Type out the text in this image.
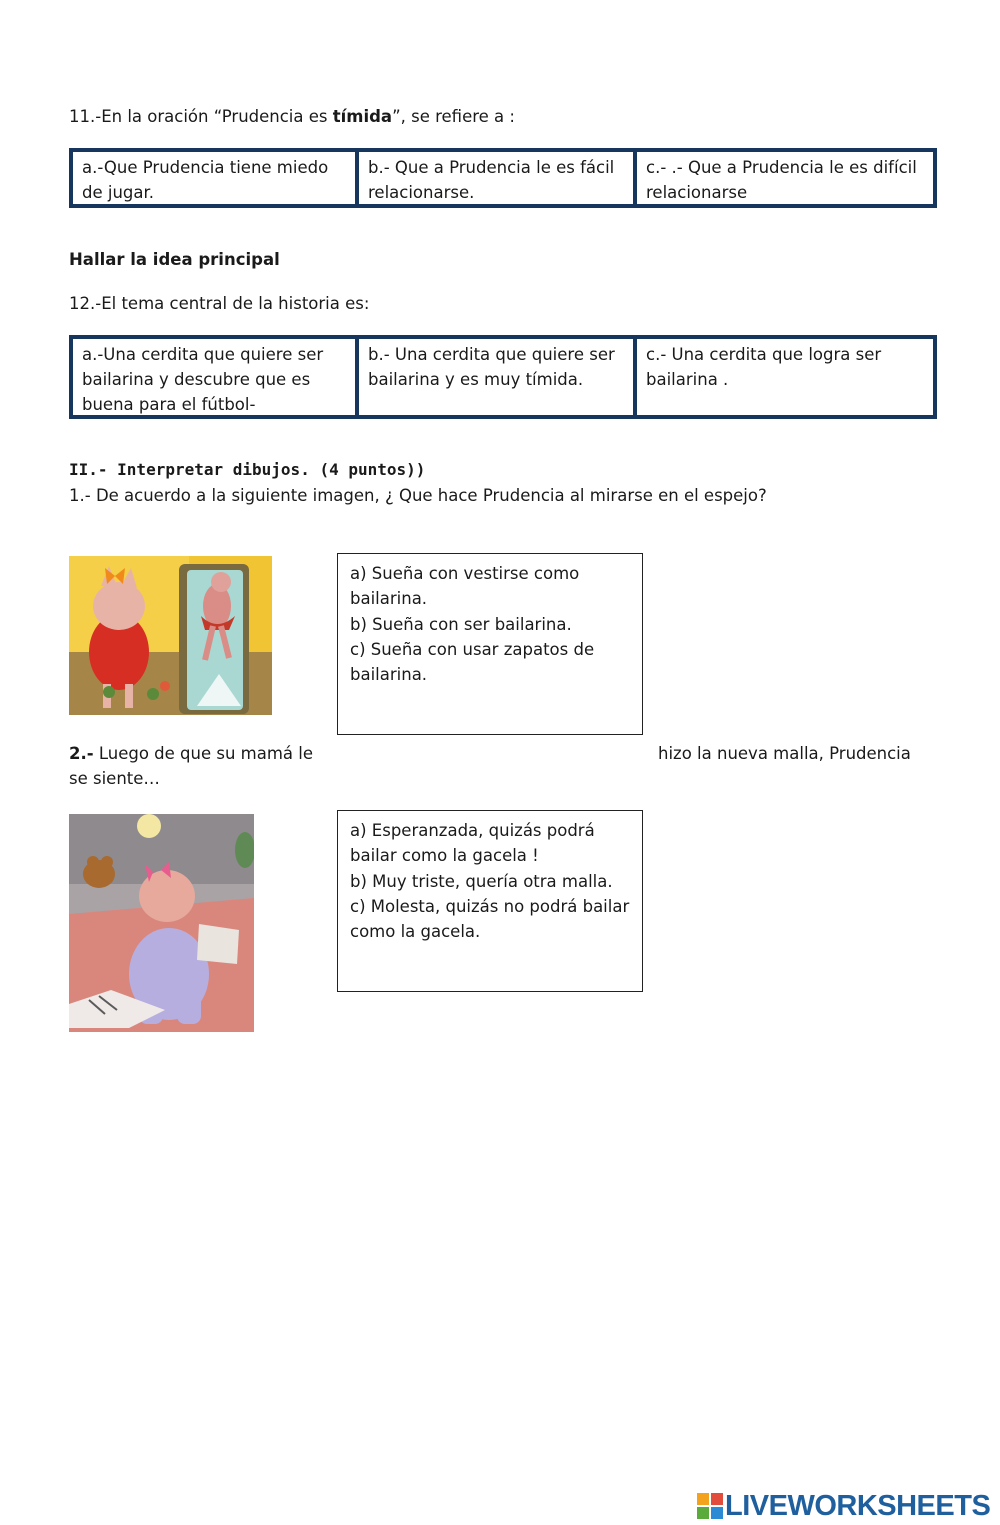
11.-En la oración “Prudencia es tímida”, se refiere a :
a.-Que Prudencia tiene miedo de jugar.
b.- Que a Prudencia le es fácil relacionarse.
c.- .- Que a Prudencia le es difícil relacionarse
Hallar la idea principal
12.-El tema central de la historia es:
a.-Una cerdita que quiere ser bailarina y descubre que es buena para el fútbol-
b.- Una cerdita que quiere ser bailarina y es muy tímida.
c.- Una cerdita que logra ser bailarina .
II.- Interpretar dibujos. (4 puntos))
1.- De acuerdo a la siguiente imagen, ¿ Que hace Prudencia al mirarse en el espejo?
a) Sueña con vestirse como bailarina.
b) Sueña con ser bailarina.
c) Sueña con usar zapatos de bailarina.
2.- Luego de que su mamá le	hizo la nueva malla, Prudencia
se siente…
a) Esperanzada, quizás podrá bailar como la gacela !
b) Muy triste, quería otra malla.
c) Molesta, quizás no podrá bailar como la gacela.
LIVEWORKSHEETS
